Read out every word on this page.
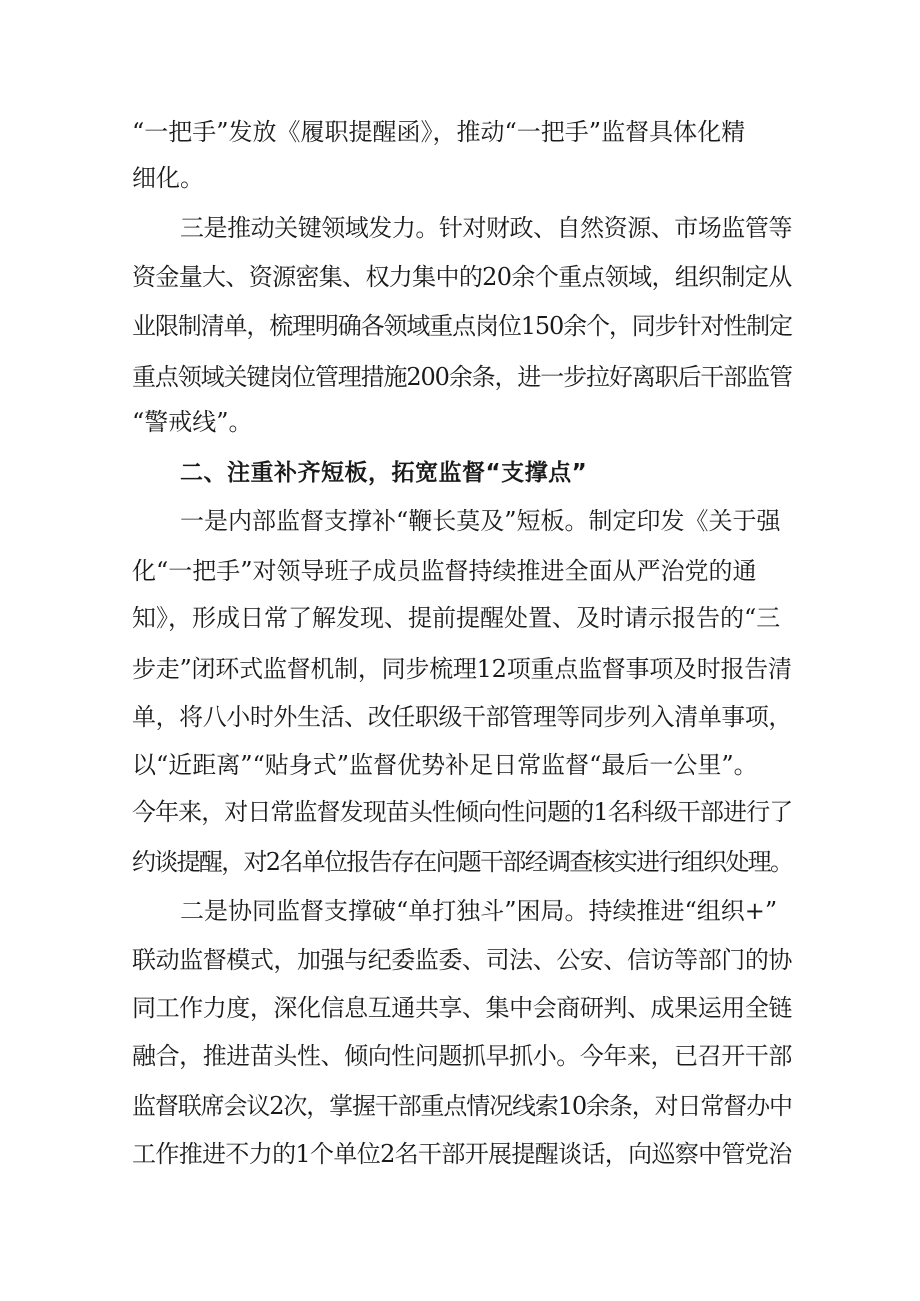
“一把手”发放《履职提醒函》，推动“一把手”监督具体化精

细化。

三是推动关键领域发力。针对财政、自然资源、市场监管等

资金量大、资源密集、权力集中的20余个重点领域，组织制定从

业限制清单，梳理明确各领域重点岗位150余个，同步针对性制定

重点领域关键岗位管理措施200余条，进一步拉好离职后干部监管

“警戒线”。

二、注重补齐短板，拓宽监督“支撑点”

一是内部监督支撑补“鞭长莫及”短板。制定印发《关于强

化“一把手”对领导班子成员监督持续推进全面从严治党的通

知》，形成日常了解发现、提前提醒处置、及时请示报告的“三

步走”闭环式监督机制，同步梳理12项重点监督事项及时报告清

单，将八小时外生活、改任职级干部管理等同步列入清单事项，

以“近距离”“贴身式”监督优势补足日常监督“最后一公里”。

今年来，对日常监督发现苗头性倾向性问题的1名科级干部进行了

约谈提醒，对2名单位报告存在问题干部经调查核实进行组织处理。

二是协同监督支撑破“单打独斗”困局。持续推进“组织+”

联动监督模式，加强与纪委监委、司法、公安、信访等部门的协

同工作力度，深化信息互通共享、集中会商研判、成果运用全链

融合，推进苗头性、倾向性问题抓早抓小。今年来，已召开干部

监督联席会议2次，掌握干部重点情况线索10余条，对日常督办中

工作推进不力的1个单位2名干部开展提醒谈话，向巡察中管党治
